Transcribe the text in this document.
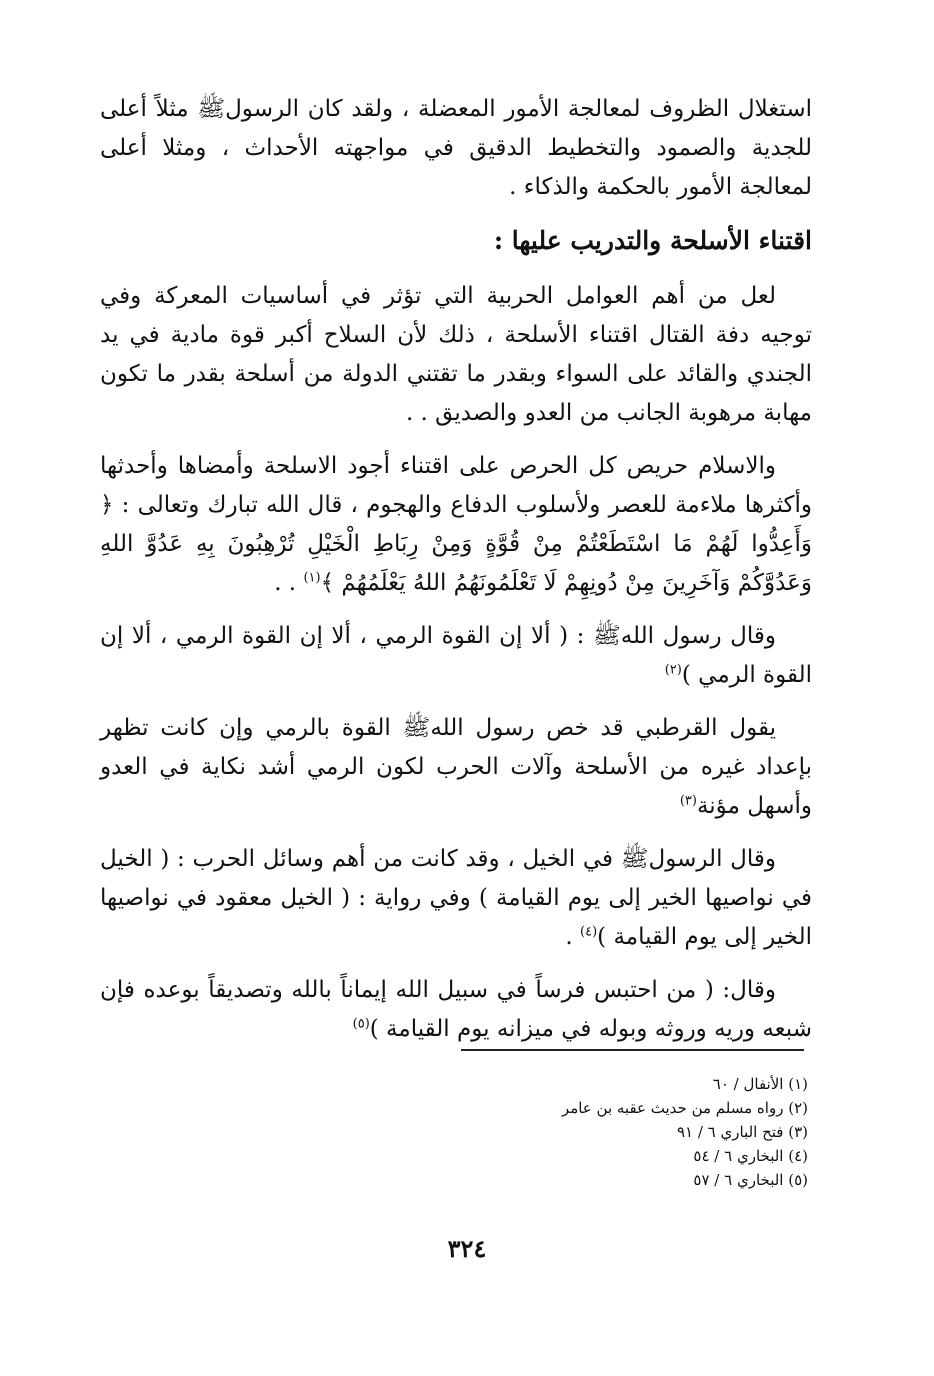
استغلال الظروف لمعالجة الأمور المعضلة ، ولقد كان الرسولﷺ مثلاً أعلى للجدية والصمود والتخطيط الدقيق في مواجهته الأحداث ، ومثلا أعلى لمعالجة الأمور بالحكمة والذكاء .

اقتناء الأسلحة والتدريب عليها :

لعل من أهم العوامل الحربية التي تؤثر في أساسيات المعركة وفي توجيه دفة القتال اقتناء الأسلحة ، ذلك لأن السلاح أكبر قوة مادية في يد الجندي والقائد على السواء وبقدر ما تقتني الدولة من أسلحة بقدر ما تكون مهابة مرهوبة الجانب من العدو والصديق . .

والاسلام حريص كل الحرص على اقتناء أجود الاسلحة وأمضاها وأحدثها وأكثرها ملاءمة للعصر ولأسلوب الدفاع والهجوم ، قال الله تبارك وتعالى : ﴿ وَأَعِدُّوا لَهُمْ مَا اسْتَطَعْتُمْ مِنْ قُوَّةٍ وَمِنْ رِبَاطِ الْخَيْلِ تُرْهِبُونَ بِهِ عَدُوَّ اللهِ وَعَدُوَّكُمْ وَآخَرِينَ مِنْ دُونِهِمْ لَا تَعْلَمُونَهُمُ اللهُ يَعْلَمُهُمْ ﴾$^{(١)}$ . .

وقال رسول اللهﷺ : ( ألا إن القوة الرمي ، ألا إن القوة الرمي ، ألا إن القوة الرمي )$^{(٢)}$

يقول القرطبي قد خص رسول اللهﷺ القوة بالرمي وإن كانت تظهر بإعداد غيره من الأسلحة وآلات الحرب لكون الرمي أشد نكاية في العدو وأسهل مؤنة$^{(٣)}$

وقال الرسولﷺ في الخيل ، وقد كانت من أهم وسائل الحرب : ( الخيل في نواصيها الخير إلى يوم القيامة ) وفي رواية : ( الخيل معقود في نواصيها الخير إلى يوم القيامة )$^{(٤)}$ .

وقال: ( من احتبس فرساً في سبيل الله إيماناً بالله وتصديقاً بوعده فإن شبعه وريه وروثه وبوله في ميزانه يوم القيامة )$^{(٥)}$

(١) الأنفال / ٦٠

(٢) رواه مسلم من حديث عقبه بن عامر

(٣) فتح الباري ٦ / ٩١

(٤) البخاري ٦ / ٥٤

(٥) البخاري ٦ / ٥٧

٣٢٤
